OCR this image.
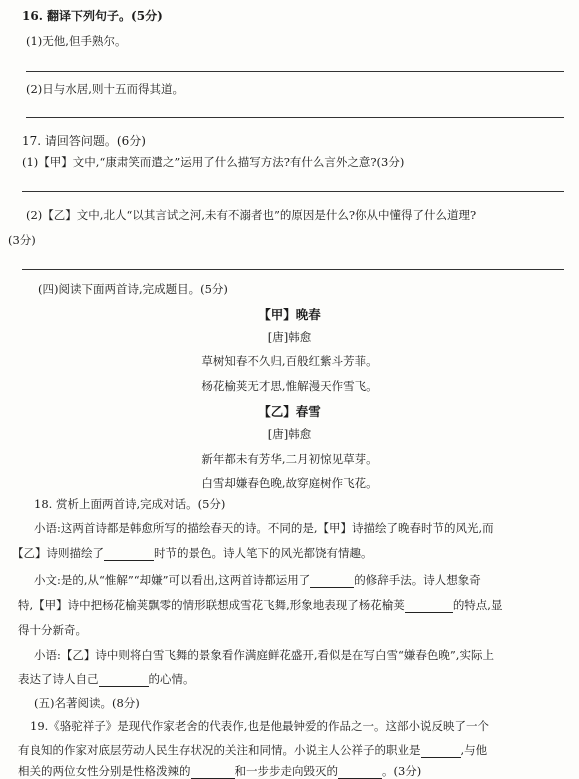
16. 翻译下列句子。(5分)
(1)无他,但手熟尔。
(2)日与水居,则十五而得其道。
17. 请回答问题。(6分)
(1)【甲】文中,“康肃笑而遣之”运用了什么描写方法?有什么言外之意?(3分)
(2)【乙】文中,北人“以其言试之河,未有不溺者也”的原因是什么?你从中懂得了什么道理?
(3分)
(四)阅读下面两首诗,完成题目。(5分)
【甲】晚春
[唐]韩愈
草树知春不久归,百般红紫斗芳菲。
杨花榆荚无才思,惟解漫天作雪飞。
【乙】春雪
[唐]韩愈
新年都未有芳华,二月初惊见草芽。
白雪却嫌春色晚,故穿庭树作飞花。
18. 赏析上面两首诗,完成对话。(5分)
小语:这两首诗都是韩愈所写的描绘春天的诗。不同的是,【甲】诗描绘了晚春时节的风光,而
【乙】诗则描绘了	时节的景色。诗人笔下的风光都饶有情趣。
小文:是的,从“惟解”“却嫌”可以看出,这两首诗都运用了	的修辞手法。诗人想象奇
特,【甲】诗中把杨花榆荚飘零的情形联想成雪花飞舞,形象地表现了杨花榆荚	的特点,显
得十分新奇。
小语:【乙】诗中则将白雪飞舞的景象看作满庭鲜花盛开,看似是在写白雪“嫌春色晚”,实际上
表达了诗人自己	的心情。
(五)名著阅读。(8分)
19.《骆驼祥子》是现代作家老舍的代表作,也是他最钟爱的作品之一。这部小说反映了一个
有良知的作家对底层劳动人民生存状况的关注和同情。小说主人公祥子的职业是	,与他
相关的两位女性分别是性格泼辣的	和一步步走向毁灭的	。(3分)
